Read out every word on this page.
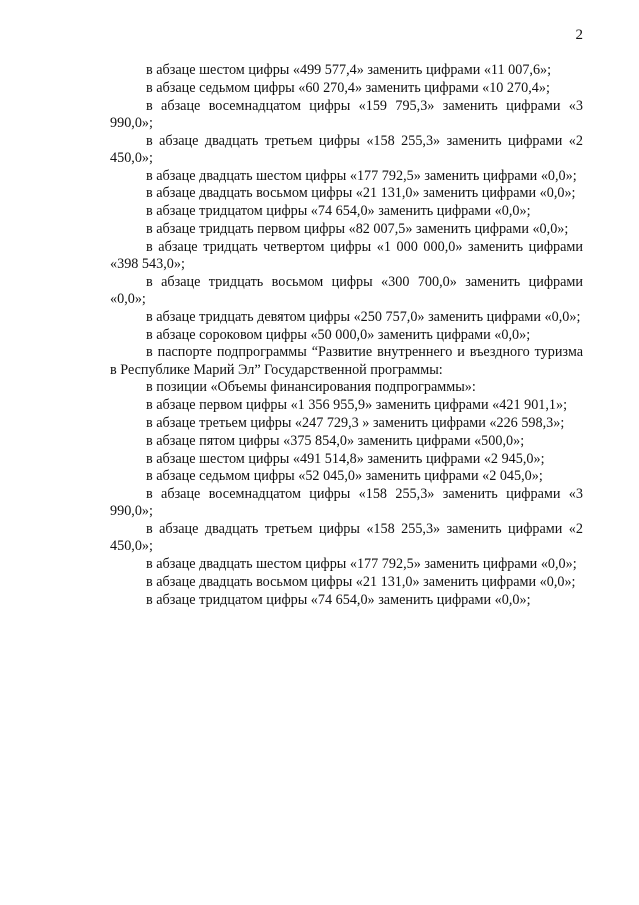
2

в абзаце шестом цифры «499 577,4» заменить цифрами «11 007,6»;

в абзаце седьмом цифры «60 270,4» заменить цифрами «10 270,4»;

в абзаце восемнадцатом цифры «159 795,3» заменить цифрами «3 990,0»;

в абзаце двадцать третьем цифры «158 255,3» заменить цифрами «2 450,0»;

в абзаце двадцать шестом цифры «177 792,5» заменить цифрами «0,0»;

в абзаце двадцать восьмом цифры «21 131,0» заменить цифрами «0,0»;

в абзаце тридцатом цифры «74 654,0» заменить цифрами «0,0»;

в абзаце тридцать первом цифры «82 007,5» заменить цифрами «0,0»;

в абзаце тридцать четвертом цифры «1 000 000,0» заменить цифрами «398 543,0»;

в абзаце тридцать восьмом цифры «300 700,0» заменить цифрами «0,0»;

в абзаце тридцать девятом цифры «250 757,0» заменить цифрами «0,0»;

в абзаце сороковом цифры «50 000,0» заменить цифрами «0,0»;

в паспорте подпрограммы “Развитие внутреннего и въездного туризма в Республике Марий Эл” Государственной программы:

в позиции «Объемы финансирования подпрограммы»:

в абзаце первом цифры «1 356 955,9» заменить цифрами «421 901,1»;

в абзаце третьем цифры «247 729,3 » заменить цифрами «226 598,3»;

в абзаце пятом цифры «375 854,0» заменить цифрами «500,0»;

в абзаце шестом цифры «491 514,8» заменить цифрами «2 945,0»;

в абзаце седьмом цифры «52 045,0» заменить цифрами «2 045,0»;

в абзаце восемнадцатом цифры «158 255,3» заменить цифрами «3 990,0»;

в абзаце двадцать третьем цифры «158 255,3» заменить цифрами «2 450,0»;

в абзаце двадцать шестом цифры «177 792,5» заменить цифрами «0,0»;

в абзаце двадцать восьмом цифры «21 131,0» заменить цифрами «0,0»;

в абзаце тридцатом цифры «74 654,0» заменить цифрами «0,0»;
